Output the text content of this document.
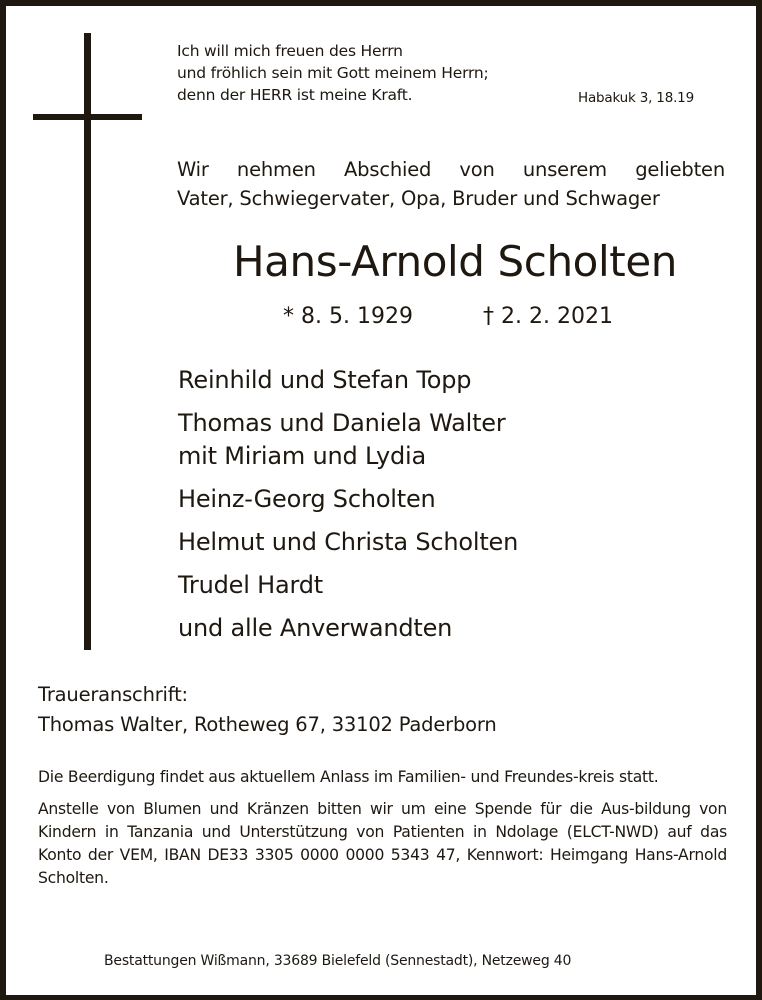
Ich will mich freuen des Herrn
und fröhlich sein mit Gott meinem Herrn;
denn der HERR ist meine Kraft.	Habakuk 3, 18.19
Wir nehmen Abschied von unserem geliebten
Vater, Schwiegervater, Opa, Bruder und Schwager
Hans-Arnold Scholten
* 8. 5. 1929	† 2. 2. 2021
Reinhild und Stefan Topp
Thomas und Daniela Walter
mit Miriam und Lydia
Heinz-Georg Scholten
Helmut und Christa Scholten
Trudel Hardt
und alle Anverwandten
Traueranschrift:
Thomas Walter, Rotheweg 67, 33102 Paderborn

Die Beerdigung findet aus aktuellem Anlass im Familien- und Freundes-kreis statt.

Anstelle von Blumen und Kränzen bitten wir um eine Spende für die Aus-bildung von Kindern in Tanzania und Unterstützung von Patienten in Ndolage (ELCT-NWD) auf das Konto der VEM, IBAN DE33 3305 0000 0000 5343 47, Kennwort: Heimgang Hans-Arnold Scholten.

Bestattungen Wißmann, 33689 Bielefeld (Sennestadt), Netzeweg 40
